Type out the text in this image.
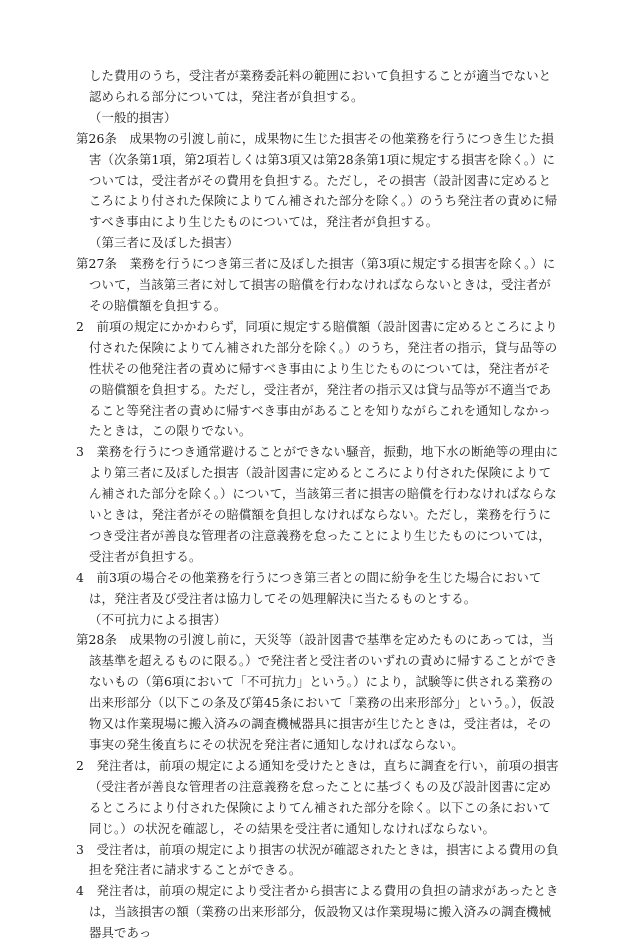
した費用のうち，受注者が業務委託料の範囲において負担することが適当でないと認められる部分については，発注者が負担する。

（一般的損害）

第26条　成果物の引渡し前に，成果物に生じた損害その他業務を行うにつき生じた損害（次条第1項，第2項若しくは第3項又は第28条第1項に規定する損害を除く。）については，受注者がその費用を負担する。ただし，その損害（設計図書に定めるところにより付された保険によりてん補された部分を除く。）のうち発注者の責めに帰すべき事由により生じたものについては，発注者が負担する。

（第三者に及ぼした損害）

第27条　業務を行うにつき第三者に及ぼした損害（第3項に規定する損害を除く。）について，当該第三者に対して損害の賠償を行わなければならないときは，受注者がその賠償額を負担する。

2　前項の規定にかかわらず，同項に規定する賠償額（設計図書に定めるところにより付された保険によりてん補された部分を除く。）のうち，発注者の指示，貸与品等の性状その他発注者の責めに帰すべき事由により生じたものについては，発注者がその賠償額を負担する。ただし，受注者が，発注者の指示又は貸与品等が不適当であること等発注者の責めに帰すべき事由があることを知りながらこれを通知しなかったときは，この限りでない。

3　業務を行うにつき通常避けることができない騒音，振動，地下水の断絶等の理由により第三者に及ぼした損害（設計図書に定めるところにより付された保険によりてん補された部分を除く。）について，当該第三者に損害の賠償を行わなければならないときは，発注者がその賠償額を負担しなければならない。ただし，業務を行うにつき受注者が善良な管理者の注意義務を怠ったことにより生じたものについては，受注者が負担する。

4　前3項の場合その他業務を行うにつき第三者との間に紛争を生じた場合においては，発注者及び受注者は協力してその処理解決に当たるものとする。

（不可抗力による損害）

第28条　成果物の引渡し前に，天災等（設計図書で基準を定めたものにあっては，当該基準を超えるものに限る。）で発注者と受注者のいずれの責めに帰することができないもの（第6項において「不可抗力」という。）により，試験等に供される業務の出来形部分（以下この条及び第45条において「業務の出来形部分」という。），仮設物又は作業現場に搬入済みの調査機械器具に損害が生じたときは，受注者は，その事実の発生後直ちにその状況を発注者に通知しなければならない。

2　発注者は，前項の規定による通知を受けたときは，直ちに調査を行い，前項の損害（受注者が善良な管理者の注意義務を怠ったことに基づくもの及び設計図書に定めるところにより付された保険によりてん補された部分を除く。以下この条において同じ。）の状況を確認し，その結果を受注者に通知しなければならない。

3　受注者は，前項の規定により損害の状況が確認されたときは，損害による費用の負担を発注者に請求することができる。

4　発注者は，前項の規定により受注者から損害による費用の負担の請求があったときは，当該損害の額（業務の出来形部分，仮設物又は作業現場に搬入済みの調査機械器具であっ
